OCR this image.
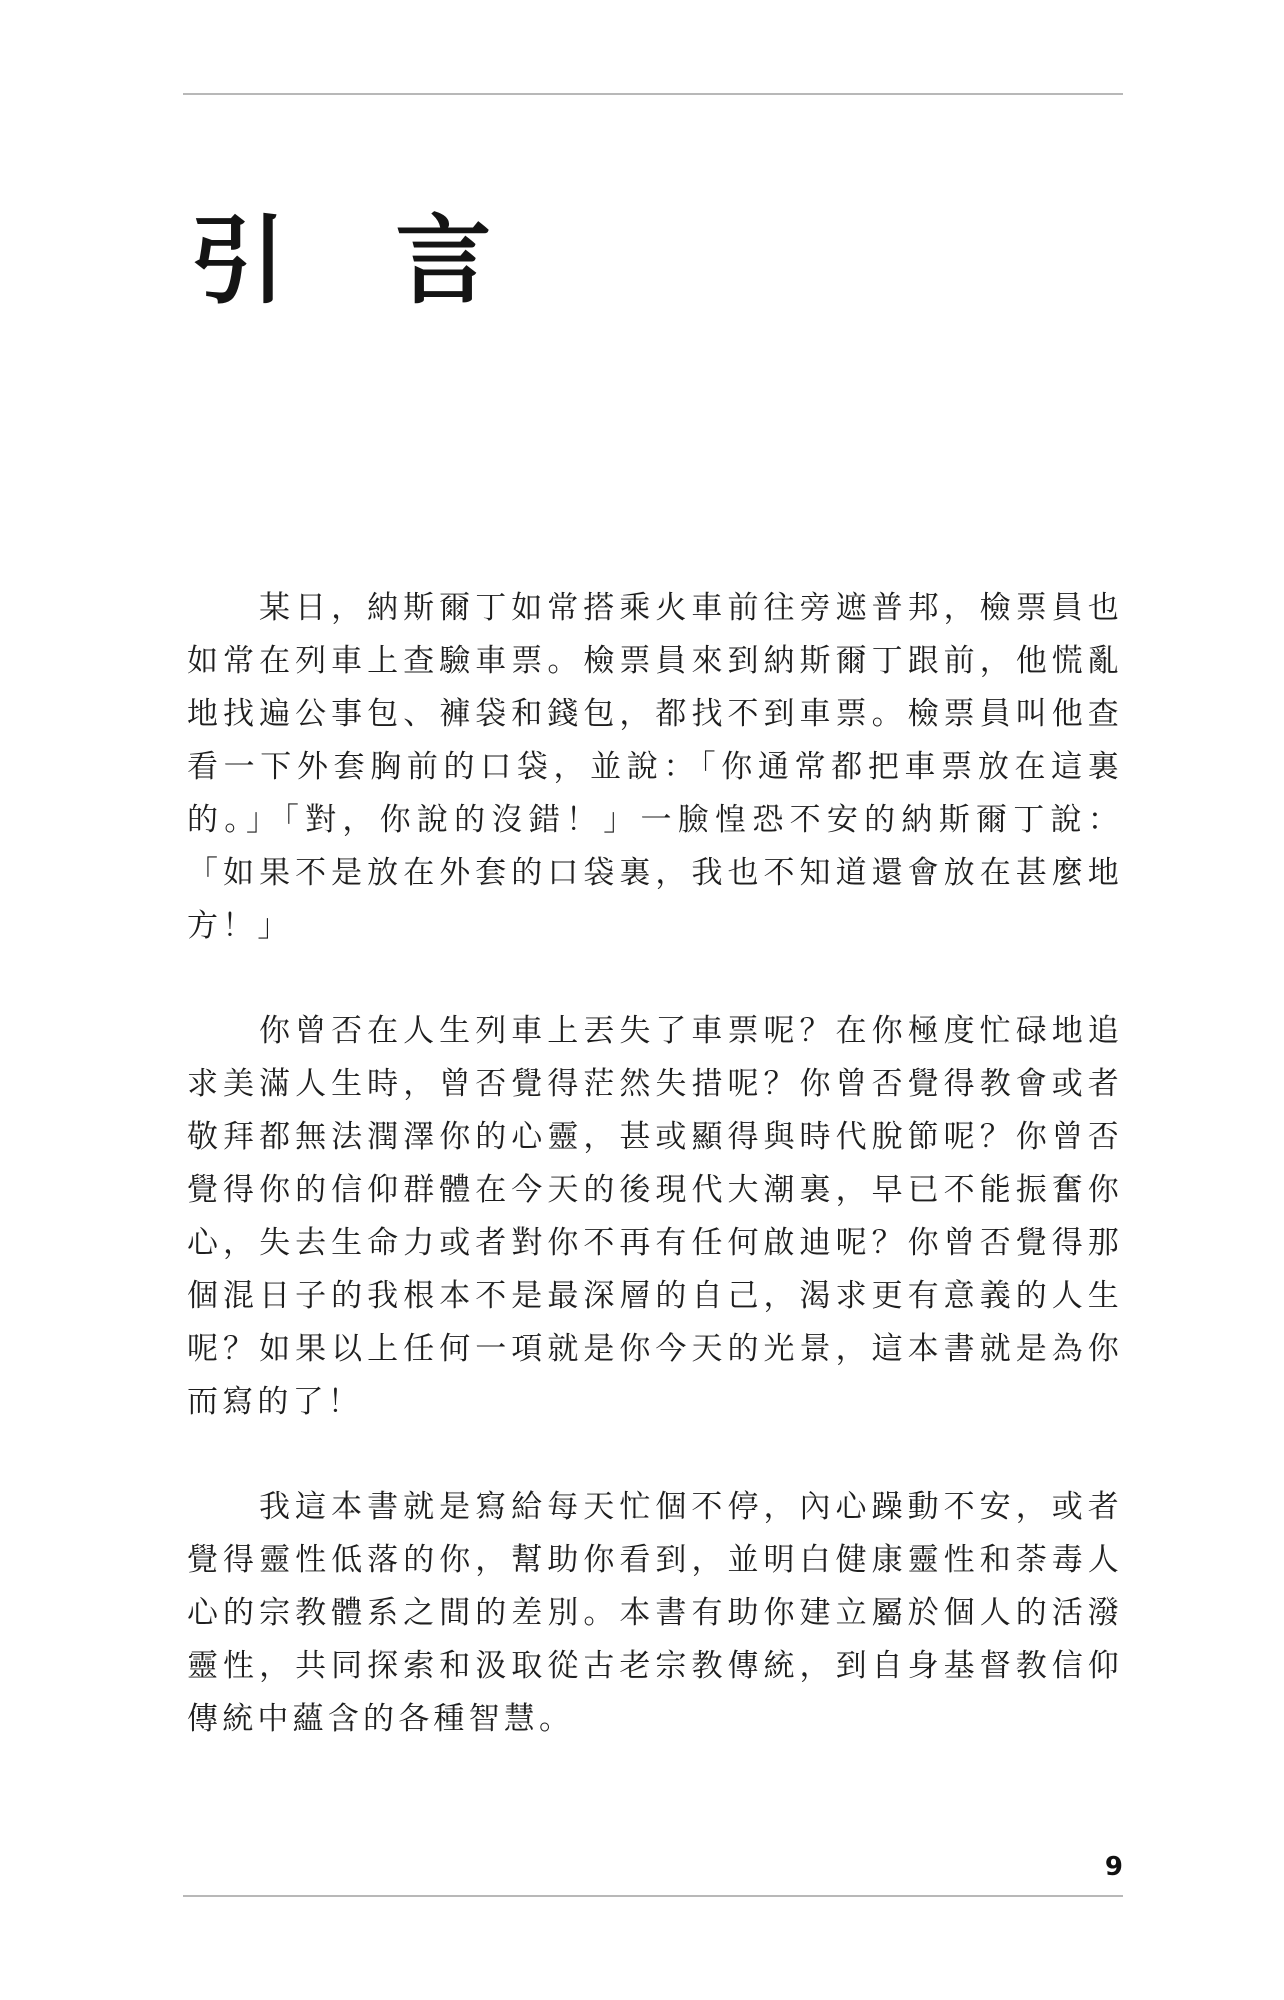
引 言

某日，納斯爾丁如常搭乘火車前往旁遮普邦，檢票員也如常在列車上查驗車票。檢票員來到納斯爾丁跟前，他慌亂地找遍公事包、褲袋和錢包，都找不到車票。檢票員叫他查看一下外套胸前的口袋，並說：「你通常都把車票放在這裏的。」「對，你說的沒錯！」一臉惶恐不安的納斯爾丁說：「如果不是放在外套的口袋裏，我也不知道還會放在甚麼地方！」

你曾否在人生列車上丟失了車票呢？在你極度忙碌地追求美滿人生時，曾否覺得茫然失措呢？你曾否覺得教會或者敬拜都無法潤澤你的心靈，甚或顯得與時代脫節呢？你曾否覺得你的信仰群體在今天的後現代大潮裏，早已不能振奮你心，失去生命力或者對你不再有任何啟迪呢？你曾否覺得那個混日子的我根本不是最深層的自己，渴求更有意義的人生呢？如果以上任何一項就是你今天的光景，這本書就是為你而寫的了！

我這本書就是寫給每天忙個不停，內心躁動不安，或者覺得靈性低落的你，幫助你看到，並明白健康靈性和荼毒人心的宗教體系之間的差別。本書有助你建立屬於個人的活潑靈性，共同探索和汲取從古老宗教傳統，到自身基督教信仰傳統中蘊含的各種智慧。

9
